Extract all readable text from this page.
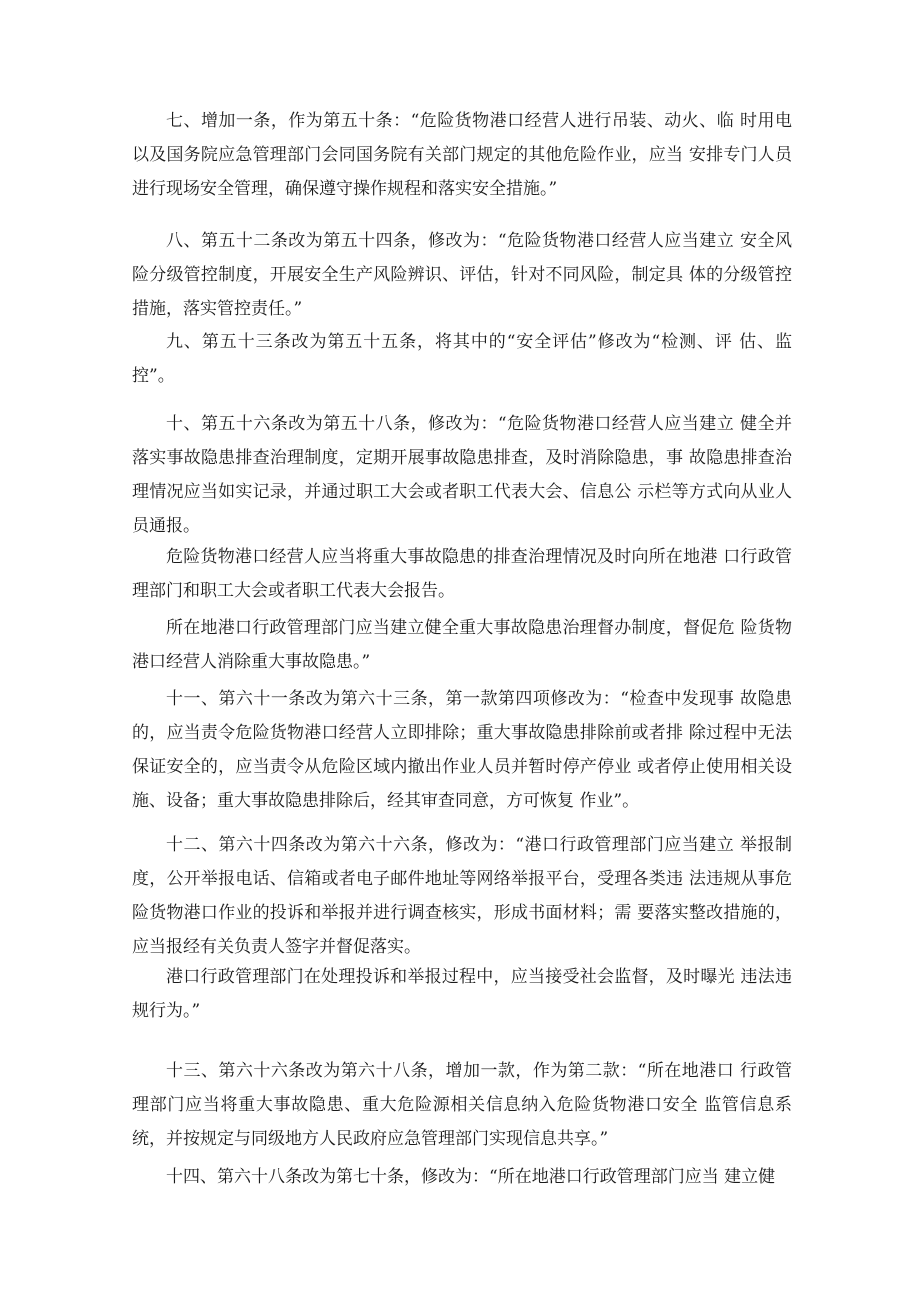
七、增加一条，作为第五十条：“危险货物港口经营人进行吊装、动火、临 时用电以及国务院应急管理部门会同国务院有关部门规定的其他危险作业，应当 安排专门人员进行现场安全管理，确保遵守操作规程和落实安全措施。”

八、第五十二条改为第五十四条，修改为：“危险货物港口经营人应当建立 安全风险分级管控制度，开展安全生产风险辨识、评估，针对不同风险，制定具 体的分级管控措施，落实管控责任。”

九、第五十三条改为第五十五条，将其中的“安全评估”修改为“检测、评 估、监控”。

十、第五十六条改为第五十八条，修改为：“危险货物港口经营人应当建立 健全并落实事故隐患排查治理制度，定期开展事故隐患排查，及时消除隐患，事 故隐患排查治理情况应当如实记录，并通过职工大会或者职工代表大会、信息公 示栏等方式向从业人员通报。

危险货物港口经营人应当将重大事故隐患的排查治理情况及时向所在地港 口行政管理部门和职工大会或者职工代表大会报告。

所在地港口行政管理部门应当建立健全重大事故隐患治理督办制度，督促危 险货物港口经营人消除重大事故隐患。”

十一、第六十一条改为第六十三条，第一款第四项修改为：“检查中发现事 故隐患的，应当责令危险货物港口经营人立即排除；重大事故隐患排除前或者排 除过程中无法保证安全的，应当责令从危险区域内撤出作业人员并暂时停产停业 或者停止使用相关设施、设备；重大事故隐患排除后，经其审查同意，方可恢复 作业”。

十二、第六十四条改为第六十六条，修改为：“港口行政管理部门应当建立 举报制度，公开举报电话、信箱或者电子邮件地址等网络举报平台，受理各类违 法违规从事危险货物港口作业的投诉和举报并进行调查核实，形成书面材料；需 要落实整改措施的，应当报经有关负责人签字并督促落实。

港口行政管理部门在处理投诉和举报过程中，应当接受社会监督，及时曝光 违法违规行为。”

十三、第六十六条改为第六十八条，增加一款，作为第二款：“所在地港口 行政管理部门应当将重大事故隐患、重大危险源相关信息纳入危险货物港口安全 监管信息系统，并按规定与同级地方人民政府应急管理部门实现信息共享。”

十四、第六十八条改为第七十条，修改为：“所在地港口行政管理部门应当 建立健
